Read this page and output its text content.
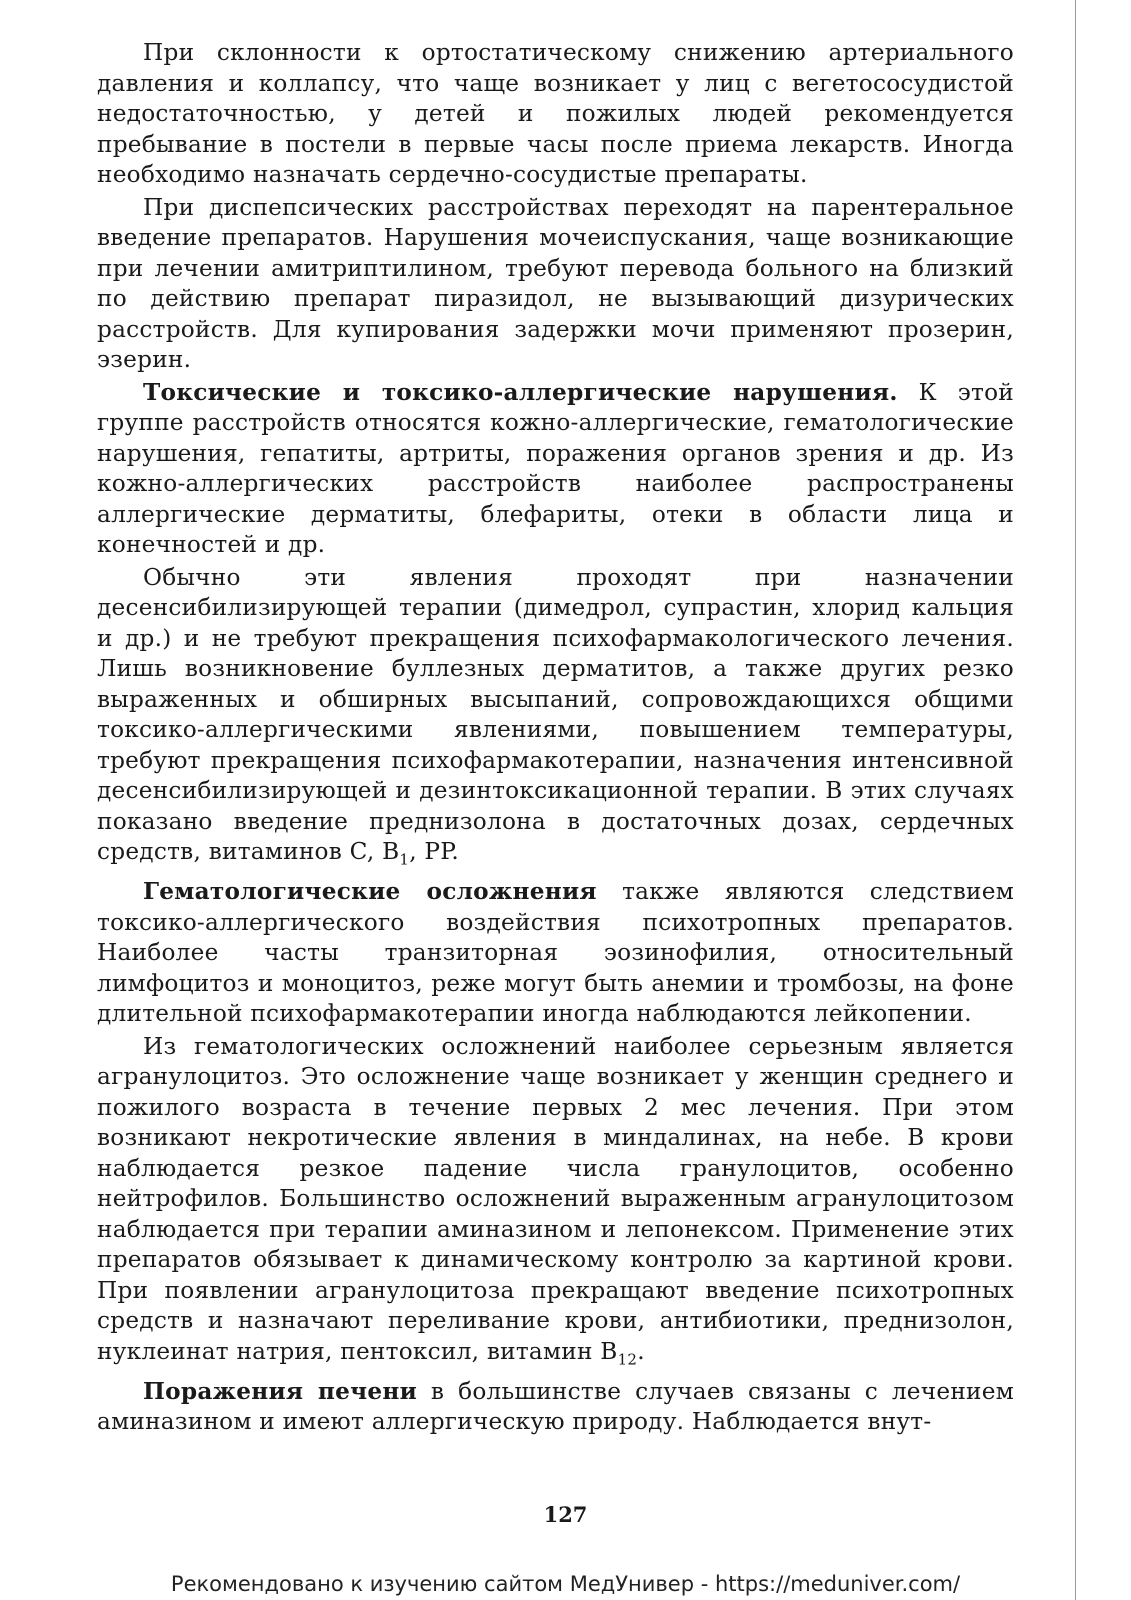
При склонности к ортостатическому снижению артериального давления и коллапсу, что чаще возникает у лиц с вегетососудистой недостаточностью, у детей и пожилых людей рекомендуется пребывание в постели в первые часы после приема лекарств. Иногда необходимо назначать сердечно-сосудистые препараты.

При диспепсических расстройствах переходят на парентеральное введение препаратов. Нарушения мочеиспускания, чаще возникающие при лечении амитриптилином, требуют перевода больного на близкий по действию препарат пиразидол, не вызывающий дизурических расстройств. Для купирования задержки мочи применяют прозерин, эзерин.

Токсические и токсико-аллергические нарушения. К этой группе расстройств относятся кожно-аллергические, гематологические нарушения, гепатиты, артриты, поражения органов зрения и др. Из кожно-аллергических расстройств наиболее распространены аллергические дерматиты, блефариты, отеки в области лица и конечностей и др.

Обычно эти явления проходят при назначении десенсибилизирующей терапии (димедрол, супрастин, хлорид кальция и др.) и не требуют прекращения психофармакологического лечения. Лишь возникновение буллезных дерматитов, а также других резко выраженных и обширных высыпаний, сопровождающихся общими токсико-аллергическими явлениями, повышением температуры, требуют прекращения психофармакотерапии, назначения интенсивной десенсибилизирующей и дезинтоксикационной терапии. В этих случаях показано введение преднизолона в достаточных дозах, сердечных средств, витаминов C, $B_1$, PP.

Гематологические осложнения также являются следствием токсико-аллергического воздействия психотропных препаратов. Наиболее часты транзиторная эозинофилия, относительный лимфоцитоз и моноцитоз, реже могут быть анемии и тромбозы, на фоне длительной психофармакотерапии иногда наблюдаются лейкопении.

Из гематологических осложнений наиболее серьезным является агранулоцитоз. Это осложнение чаще возникает у женщин среднего и пожилого возраста в течение первых 2 мес лечения. При этом возникают некротические явления в миндалинах, на небе. В крови наблюдается резкое падение числа гранулоцитов, особенно нейтрофилов. Большинство осложнений выраженным агранулоцитозом наблюдается при терапии аминазином и лепонексом. Применение этих препаратов обязывает к динамическому контролю за картиной крови. При появлении агранулоцитоза прекращают введение психотропных средств и назначают переливание крови, антибиотики, преднизолон, нуклеинат натрия, пентоксил, витамин $B_{12}$.

Поражения печени в большинстве случаев связаны с лечением аминазином и имеют аллергическую природу. Наблюдается внут-

127
Рекомендовано к изучению сайтом МедУнивер - https://meduniver.com/
